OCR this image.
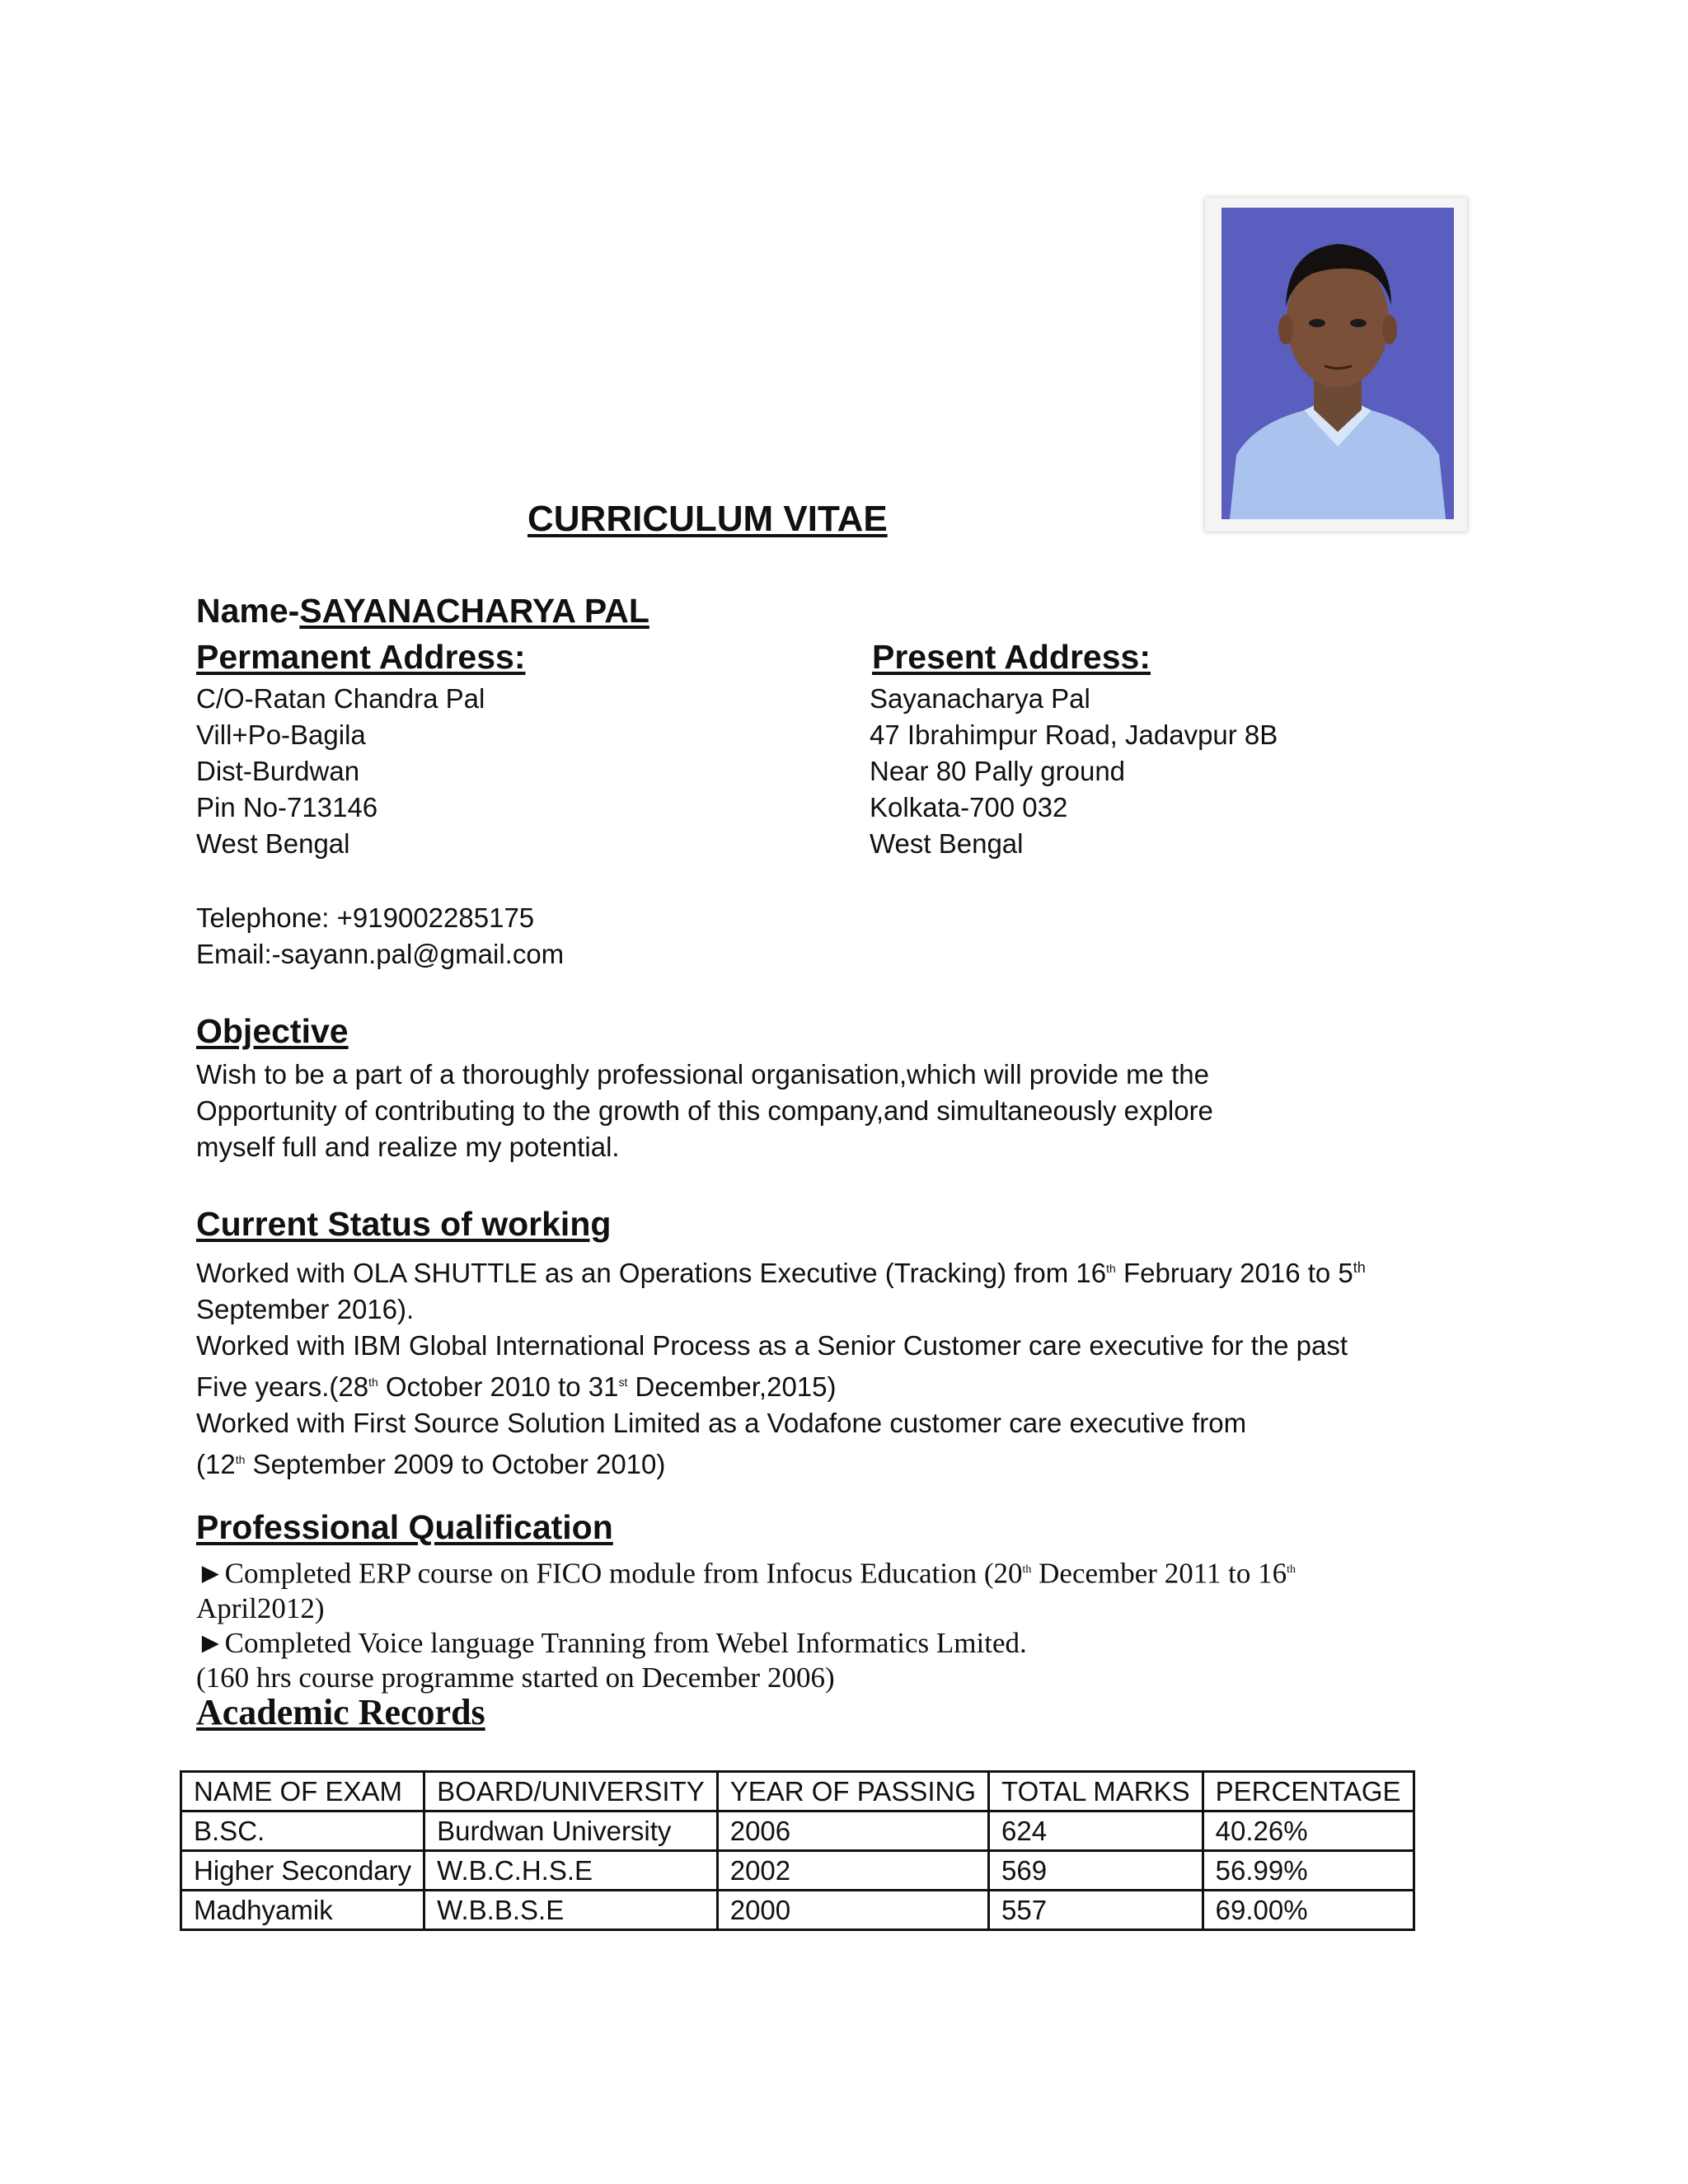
CURRICULUM VITAE
Name-SAYANACHARYA PAL
Permanent Address:	Present Address:
C/O-Ratan Chandra Pal
Vill+Po-Bagila
Dist-Burdwan
Pin No-713146
West Bengal
Sayanacharya Pal
47 Ibrahimpur Road, Jadavpur 8B
Near 80 Pally ground
Kolkata-700 032
West Bengal
Telephone: +919002285175
Email:-sayann.pal@gmail.com
Objective
Wish to be a part of a thoroughly professional organisation,which will provide me the
Opportunity of contributing to the growth of this company,and simultaneously explore
myself full and realize my potential.
Current Status of working
Worked with OLA SHUTTLE as an Operations Executive (Tracking) from 16th February 2016 to 5th
September 2016).
Worked with IBM Global International Process as a Senior Customer care executive for the past
Five years.(28th October 2010 to 31st December,2015)
Worked with First Source Solution Limited as a Vodafone customer care executive from
(12th September 2009 to October 2010)
Professional Qualification
►Completed ERP course on FICO module from Infocus Education (20th December 2011 to 16th
April2012)
►Completed Voice language Tranning from Webel Informatics Lmited.
(160 hrs course programme started on December 2006)
Academic Records
NAME OF EXAM	BOARD/UNIVERSITY	YEAR OF PASSING	TOTAL MARKS	PERCENTAGE
B.SC.	Burdwan University	2006	624	40.26%
Higher Secondary	W.B.C.H.S.E	2002	569	56.99%
Madhyamik	W.B.B.S.E	2000	557	69.00%
